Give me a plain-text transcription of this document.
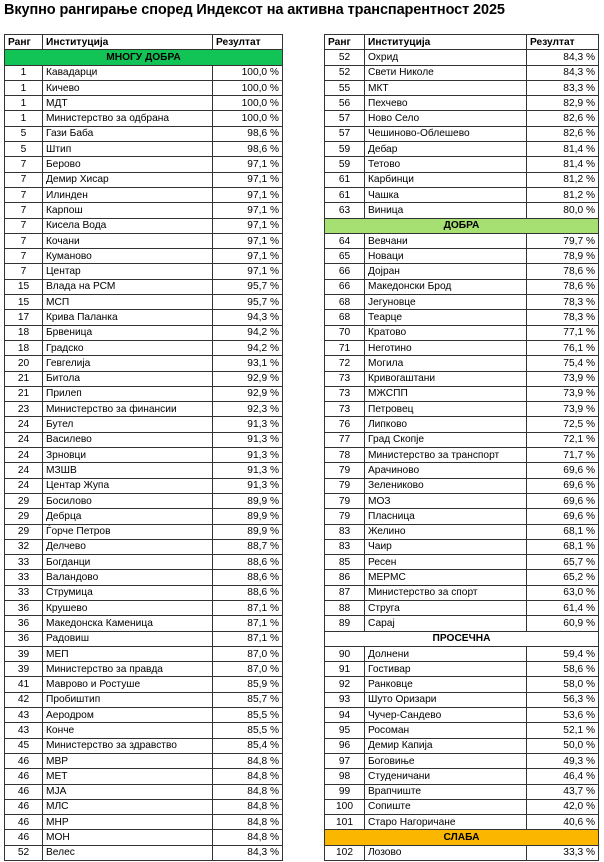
Вкупно рангирање според Индексот на активна транспарентност 2025
Ранг	Институција	Резултат
МНОГУ ДОБРА		
1	Кавадарци	100,0 %
1	Кичево	100,0 %
1	МДТ	100,0 %
1	Министерство за одбрана	100,0 %
5	Гази Баба	98,6 %
5	Штип	98,6 %
7	Берово	97,1 %
7	Демир Хисар	97,1 %
7	Илинден	97,1 %
7	Карпош	97,1 %
7	Кисела Вода	97,1 %
7	Кочани	97,1 %
7	Куманово	97,1 %
7	Центар	97,1 %
15	Влада на РСМ	95,7 %
15	МСП	95,7 %
17	Крива Паланка	94,3 %
18	Брвеница	94,2 %
18	Градско	94,2 %
20	Гевгелија	93,1 %
21	Битола	92,9 %
21	Прилеп	92,9 %
23	Министерство за финансии	92,3 %
24	Бутел	91,3 %
24	Василево	91,3 %
24	Зрновци	91,3 %
24	МЗШВ	91,3 %
24	Центар Жупа	91,3 %
29	Босилово	89,9 %
29	Дебрца	89,9 %
29	Ѓорче Петров	89,9 %
32	Делчево	88,7 %
33	Богданци	88,6 %
33	Валандово	88,6 %
33	Струмица	88,6 %
36	Крушево	87,1 %
36	Македонска Каменица	87,1 %
36	Радовиш	87,1 %
39	МЕП	87,0 %
39	Министерство за правда	87,0 %
41	Маврово и Ростуше	85,9 %
42	Пробиштип	85,7 %
43	Аеродром	85,5 %
43	Конче	85,5 %
45	Министерство за здравство	85,4 %
46	МВР	84,8 %
46	МЕТ	84,8 %
46	МЈА	84,8 %
46	МЛС	84,8 %
46	МНР	84,8 %
46	МОН	84,8 %
52	Велес	84,3 %
Ранг	Институција	Резултат
52	Охрид	84,3 %
52	Свети Николе	84,3 %
55	МКТ	83,3 %
56	Пехчево	82,9 %
57	Ново Село	82,6 %
57	Чешиново-Облешево	82,6 %
59	Дебар	81,4 %
59	Тетово	81,4 %
61	Карбинци	81,2 %
61	Чашка	81,2 %
63	Виница	80,0 %
ДОБРА		
64	Вевчани	79,7 %
65	Новаци	78,9 %
66	Дојран	78,6 %
66	Македонски Брод	78,6 %
68	Јегуновце	78,3 %
68	Теарце	78,3 %
70	Кратово	77,1 %
71	Неготино	76,1 %
72	Могила	75,4 %
73	Кривогаштани	73,9 %
73	МЖСПП	73,9 %
73	Петровец	73,9 %
76	Липково	72,5 %
77	Град Скопје	72,1 %
78	Министерство за транспорт	71,7 %
79	Арачиново	69,6 %
79	Зелениково	69,6 %
79	МОЗ	69,6 %
79	Пласница	69,6 %
83	Желино	68,1 %
83	Чаир	68,1 %
85	Ресен	65,7 %
86	МЕРМС	65,2 %
87	Министерство за спорт	63,0 %
88	Струга	61,4 %
89	Сарај	60,9 %
ПРОСЕЧНА		
90	Долнени	59,4 %
91	Гостивар	58,6 %
92	Ранковце	58,0 %
93	Шуто Оризари	56,3 %
94	Чучер-Сандево	53,6 %
95	Росоман	52,1 %
96	Демир Капија	50,0 %
97	Боговиње	49,3 %
98	Студеничани	46,4 %
99	Врапчиште	43,7 %
100	Сопиште	42,0 %
101	Старо Нагоричане	40,6 %
СЛАБА		
102	Лозово	33,3 %
